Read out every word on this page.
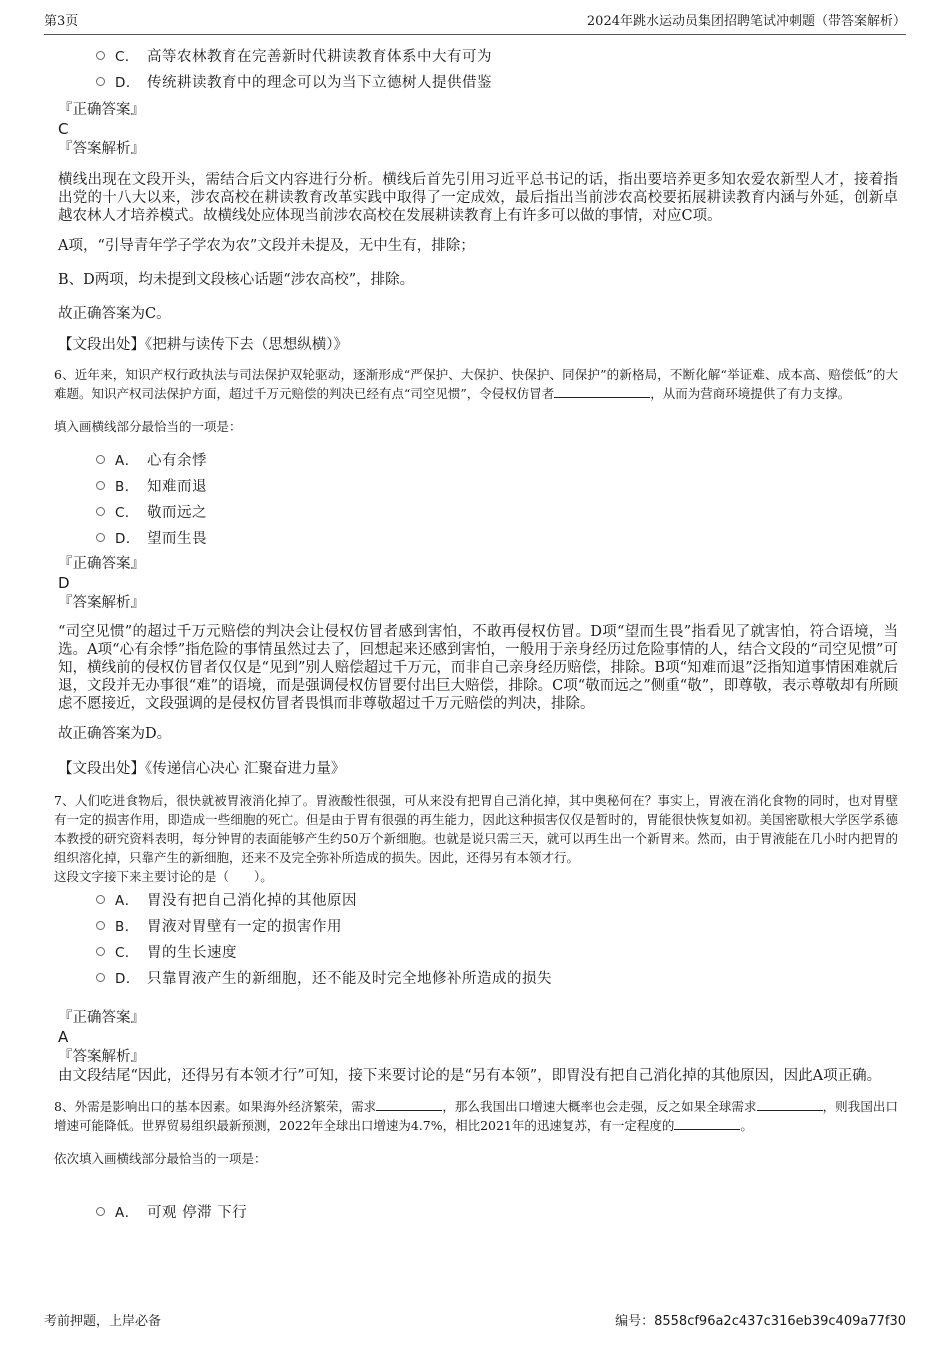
第3页	2024年跳水运动员集团招聘笔试冲刺题（带答案解析）
C． 高等农林教育在完善新时代耕读教育体系中大有可为
D． 传统耕读教育中的理念可以为当下立德树人提供借鉴
『正确答案』
C
『答案解析』
横线出现在文段开头，需结合后文内容进行分析。横线后首先引用习近平总书记的话，指出要培养更多知农爱农新型人才，接着指出党的十八大以来，涉农高校在耕读教育改革实践中取得了一定成效，最后指出当前涉农高校要拓展耕读教育内涵与外延，创新卓越农林人才培养模式。故横线处应体现当前涉农高校在发展耕读教育上有许多可以做的事情，对应C项。
A项，“引导青年学子学农为农”文段并未提及，无中生有，排除；
B、D两项，均未提到文段核心话题“涉农高校”，排除。
故正确答案为C。
【文段出处】《把耕与读传下去（思想纵横）》
6、近年来，知识产权行政执法与司法保护双轮驱动，逐渐形成“严保护、大保护、快保护、同保护”的新格局，不断化解“举证难、成本高、赔偿低”的大难题。知识产权司法保护方面，超过千万元赔偿的判决已经有点“司空见惯”，令侵权仿冒者	，从而为营商环境提供了有力支撑。
填入画横线部分最恰当的一项是：
A． 心有余悸
B． 知难而退
C． 敬而远之
D． 望而生畏
『正确答案』
D
『答案解析』
“司空见惯”的超过千万元赔偿的判决会让侵权仿冒者感到害怕，不敢再侵权仿冒。D项“望而生畏”指看见了就害怕，符合语境，当选。A项“心有余悸”指危险的事情虽然过去了，回想起来还感到害怕，一般用于亲身经历过危险事情的人，结合文段的“司空见惯”可知，横线前的侵权仿冒者仅仅是“见到”别人赔偿超过千万元，而非自己亲身经历赔偿，排除。B项“知难而退”泛指知道事情困难就后退，文段并无办事很“难”的语境，而是强调侵权仿冒要付出巨大赔偿，排除。C项“敬而远之”侧重“敬”，即尊敬，表示尊敬却有所顾虑不愿接近，文段强调的是侵权仿冒者畏惧而非尊敬超过千万元赔偿的判决，排除。
故正确答案为D。
【文段出处】《传递信心决心 汇聚奋进力量》
7、人们吃进食物后，很快就被胃液消化掉了。胃液酸性很强，可从来没有把胃自己消化掉，其中奥秘何在？事实上，胃液在消化食物的同时，也对胃壁有一定的损害作用，即造成一些细胞的死亡。但是由于胃有很强的再生能力，因此这种损害仅仅是暂时的，胃能很快恢复如初。美国密歇根大学医学系德本教授的研究资料表明，每分钟胃的表面能够产生约50万个新细胞。也就是说只需三天，就可以再生出一个新胃来。然而，由于胃液能在几小时内把胃的组织溶化掉，只靠产生的新细胞，还来不及完全弥补所造成的损失。因此，还得另有本领才行。
这段文字接下来主要讨论的是（　　）。
A． 胃没有把自己消化掉的其他原因
B． 胃液对胃壁有一定的损害作用
C． 胃的生长速度
D． 只靠胃液产生的新细胞，还不能及时完全地修补所造成的损失
『正确答案』
A
『答案解析』
由文段结尾“因此，还得另有本领才行”可知，接下来要讨论的是“另有本领”，即胃没有把自己消化掉的其他原因，因此A项正确。
8、外需是影响出口的基本因素。如果海外经济繁荣，需求	，那么我国出口增速大概率也会走强，反之如果全球需求	，则我国出口增速可能降低。世界贸易组织最新预测，2022年全球出口增速为4.7%，相比2021年的迅速复苏，有一定程度的	。
依次填入画横线部分最恰当的一项是：
A． 可观 停滞 下行
考前押题，上岸必备	编号：8558cf96a2c437c316eb39c409a77f30
